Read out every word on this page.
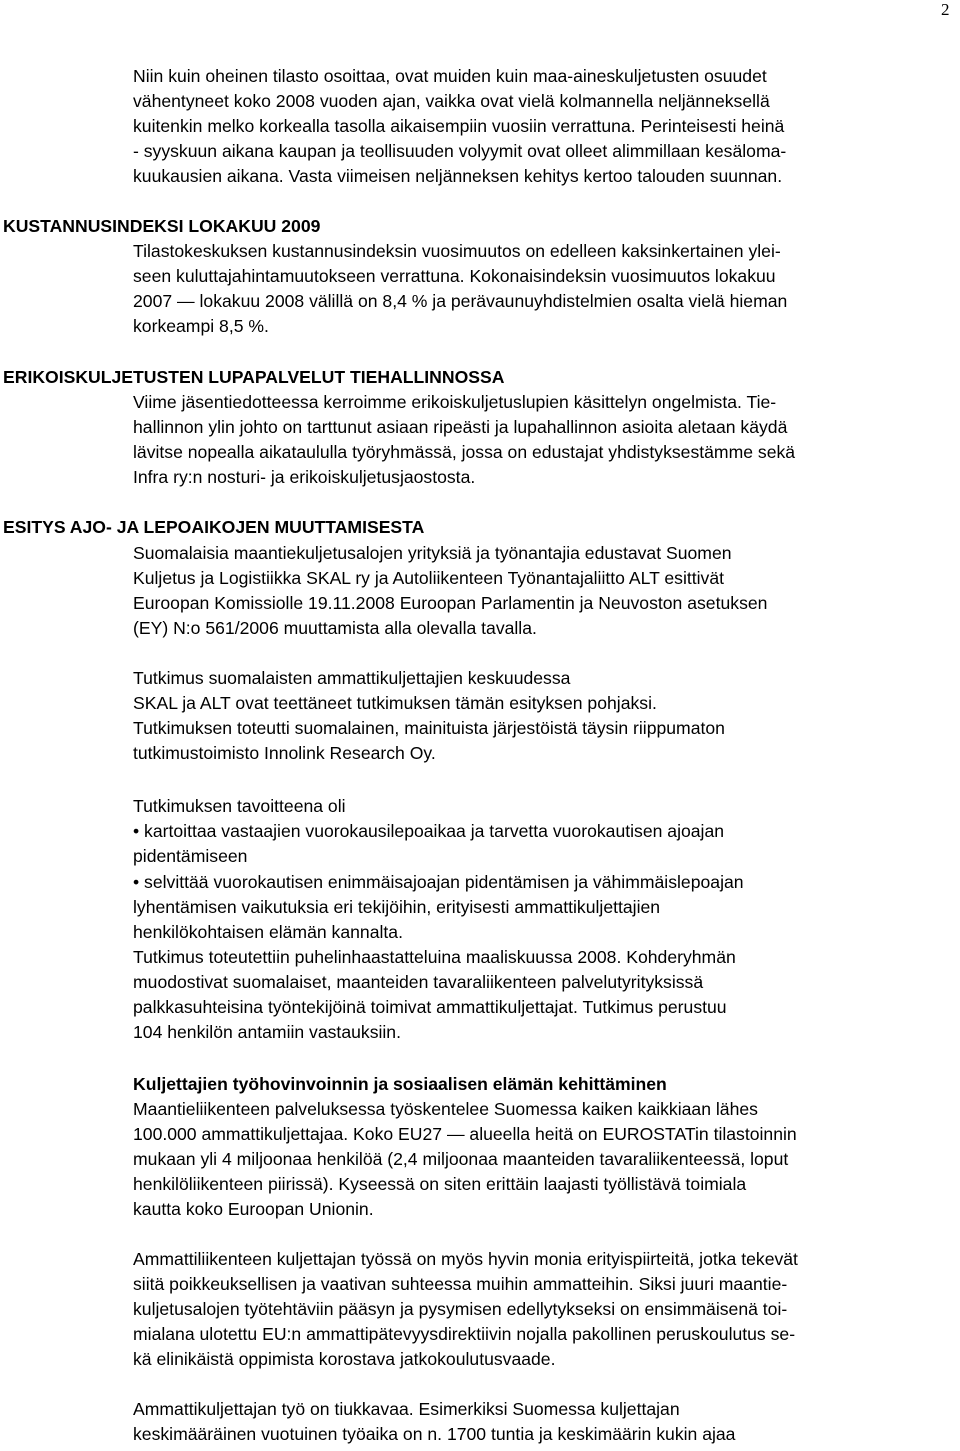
2
Niin kuin oheinen tilasto osoittaa, ovat muiden kuin maa-aineskuljetusten osuudet
vähentyneet koko 2008 vuoden ajan, vaikka ovat vielä kolmannella neljänneksellä
kuitenkin melko korkealla tasolla aikaisempiin vuosiin verrattuna. Perinteisesti heinä
- syyskuun aikana kaupan ja teollisuuden volyymit ovat olleet alimmillaan kesäloma-
kuukausien aikana. Vasta viimeisen neljänneksen kehitys kertoo talouden suunnan.
KUSTANNUSINDEKSI LOKAKUU 2009
Tilastokeskuksen kustannusindeksin vuosimuutos on edelleen kaksinkertainen ylei-
seen kuluttajahintamuutokseen verrattuna. Kokonaisindeksin vuosimuutos lokakuu
2007 — lokakuu 2008 välillä on 8,4 % ja perävaunuyhdistelmien osalta vielä hieman
korkeampi 8,5 %.
ERIKOISKULJETUSTEN LUPAPALVELUT TIEHALLINNOSSA
Viime jäsentiedotteessa kerroimme erikoiskuljetuslupien käsittelyn ongelmista. Tie-
hallinnon ylin johto on tarttunut asiaan ripeästi ja lupahallinnon asioita aletaan käydä
lävitse nopealla aikataululla työryhmässä, jossa on edustajat yhdistyksestämme sekä
Infra ry:n nosturi- ja erikoiskuljetusjaostosta.
ESITYS AJO- JA LEPOAIKOJEN MUUTTAMISESTA
Suomalaisia maantiekuljetusalojen yrityksiä ja työnantajia edustavat Suomen
Kuljetus ja Logistiikka SKAL ry ja Autoliikenteen Työnantajaliitto ALT esittivät
Euroopan Komissiolle 19.11.2008 Euroopan Parlamentin ja Neuvoston asetuksen
(EY) N:o 561/2006 muuttamista alla olevalla tavalla.
Tutkimus suomalaisten ammattikuljettajien keskuudessa
SKAL ja ALT ovat teettäneet tutkimuksen tämän esityksen pohjaksi.
Tutkimuksen toteutti suomalainen, mainituista järjestöistä täysin riippumaton
tutkimustoimisto Innolink Research Oy.
Tutkimuksen tavoitteena oli
• kartoittaa vastaajien vuorokausilepoaikaa ja tarvetta vuorokautisen ajoajan
pidentämiseen
• selvittää vuorokautisen enimmäisajoajan pidentämisen ja vähimmäislepoajan
lyhentämisen vaikutuksia eri tekijöihin, erityisesti ammattikuljettajien
henkilökohtaisen elämän kannalta.
Tutkimus toteutettiin puhelinhaastatteluina maaliskuussa 2008. Kohderyhmän
muodostivat suomalaiset, maanteiden tavaraliikenteen palvelutyrityksissä
palkkasuhteisina työntekijöinä toimivat ammattikuljettajat. Tutkimus perustuu
104 henkilön antamiin vastauksiin.
Kuljettajien työhovinvoinnin ja sosiaalisen elämän kehittäminen
Maantieliikenteen palveluksessa työskentelee Suomessa kaiken kaikkiaan lähes
100.000 ammattikuljettajaa. Koko EU27 — alueella heitä on EUROSTATin tilastoinnin
mukaan yli 4 miljoonaa henkilöä (2,4 miljoonaa maanteiden tavaraliikenteessä, loput
henkilöliikenteen piirissä). Kyseessä on siten erittäin laajasti työllistävä toimiala
kautta koko Euroopan Unionin.
Ammattiliikenteen kuljettajan työssä on myös hyvin monia erityispiirteitä, jotka tekevät
siitä poikkeuksellisen ja vaativan suhteessa muihin ammatteihin. Siksi juuri maantie-
kuljetusalojen työtehtäviin pääsyn ja pysymisen edellytykseksi on ensimmäisenä toi-
mialana ulotettu EU:n ammattipätevyysdirektiivin nojalla pakollinen peruskoulutus se-
kä elinikäistä oppimista korostava jatkokoulutusvaade.
Ammattikuljettajan työ on tiukkavaa. Esimerkiksi Suomessa kuljettajan
keskimääräinen vuotuinen työaika on n. 1700 tuntia ja keskimäärin kukin ajaa
